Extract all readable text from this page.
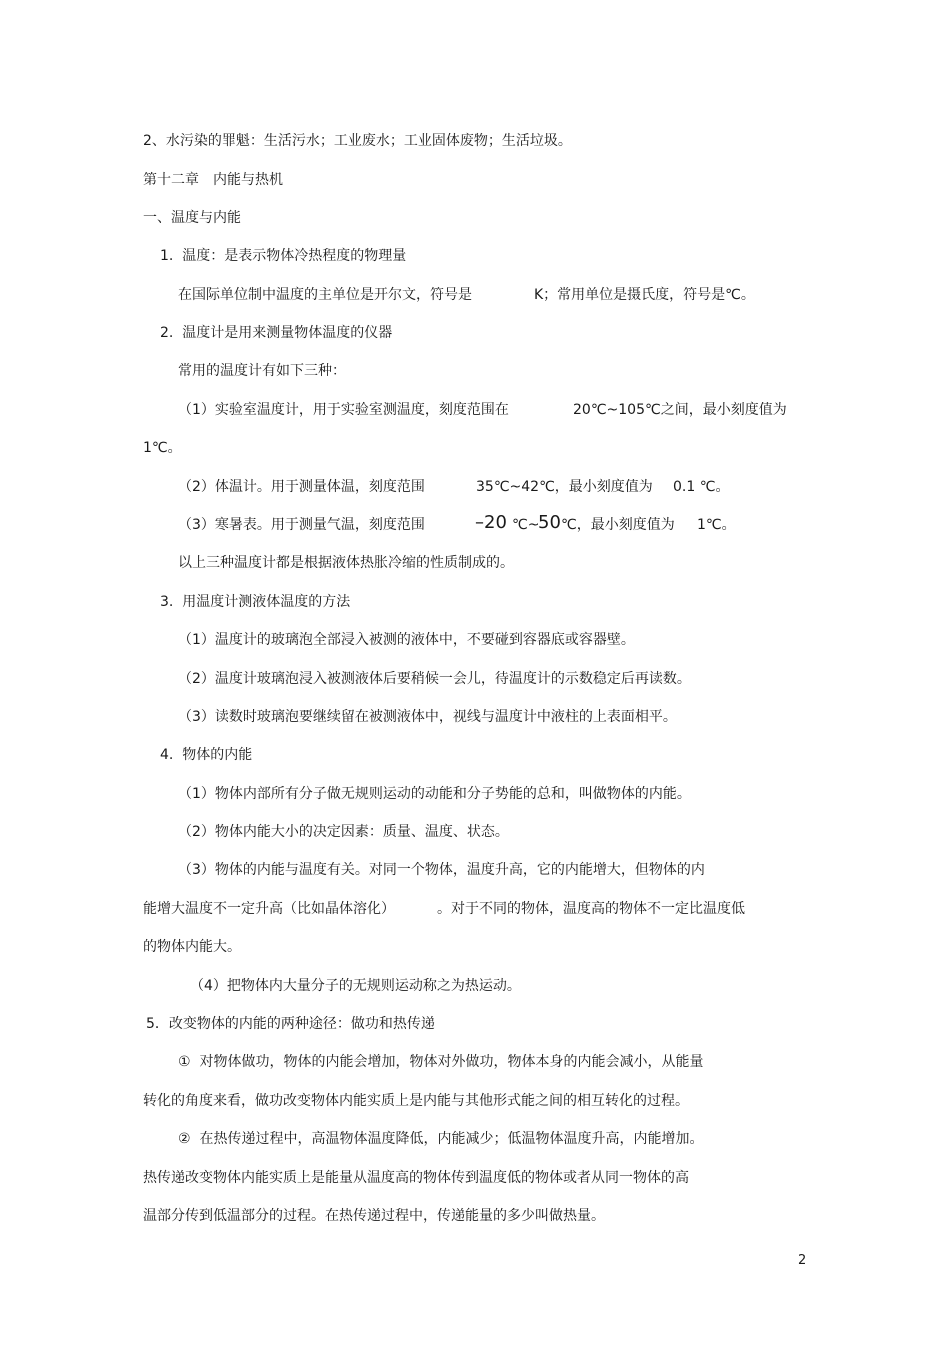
2、水污染的罪魁：生活污水；工业废水；工业固体废物；生活垃圾。
第十二章　内能与热机
一、温度与内能
1.  温度：是表示物体冷热程度的物理量
在国际单位制中温度的主单位是开尔文，符号是	K；常用单位是摄氏度，符号是℃。
2.  温度计是用来测量物体温度的仪器
常用的温度计有如下三种：
（1）实验室温度计，用于实验室测温度，刻度范围在	20℃~105℃之间，最小刻度值为
1℃。
（2）体温计。用于测量体温，刻度范围	35℃~42℃，最小刻度值为 0.1 ℃。
（3）寒暑表。用于测量气温，刻度范围	–20 ℃~
50 ℃，最小刻度值为 1℃。
以上三种温度计都是根据液体热胀冷缩的性质制成的。
3.  用温度计测液体温度的方法
（1）温度计的玻璃泡全部浸入被测的液体中，不要碰到容器底或容器壁。
（2）温度计玻璃泡浸入被测液体后要稍候一会儿，待温度计的示数稳定后再读数。
（3）读数时玻璃泡要继续留在被测液体中，视线与温度计中液柱的上表面相平。
4.  物体的内能
（1）物体内部所有分子做无规则运动的动能和分子势能的总和，叫做物体的内能。
（2）物体内能大小的决定因素：质量、温度、状态。
（3）物体的内能与温度有关。对同一个物体，温度升高，它的内能增大，但物体的内
能增大温度不一定升高（比如晶体溶化）	。对于不同的物体，温度高的物体不一定比温度低
的物体内能大。
（4）把物体内大量分子的无规则运动称之为热运动。
5．改变物体的内能的两种途径：做功和热传递
①  对物体做功，物体的内能会增加，物体对外做功，物体本身的内能会减小，从能量
转化的角度来看，做功改变物体内能实质上是内能与其他形式能之间的相互转化的过程。
②  在热传递过程中，高温物体温度降低，内能减少；低温物体温度升高，内能增加。
热传递改变物体内能实质上是能量从温度高的物体传到温度低的物体或者从同一物体的高
温部分传到低温部分的过程。在热传递过程中，传递能量的多少叫做热量。
2
